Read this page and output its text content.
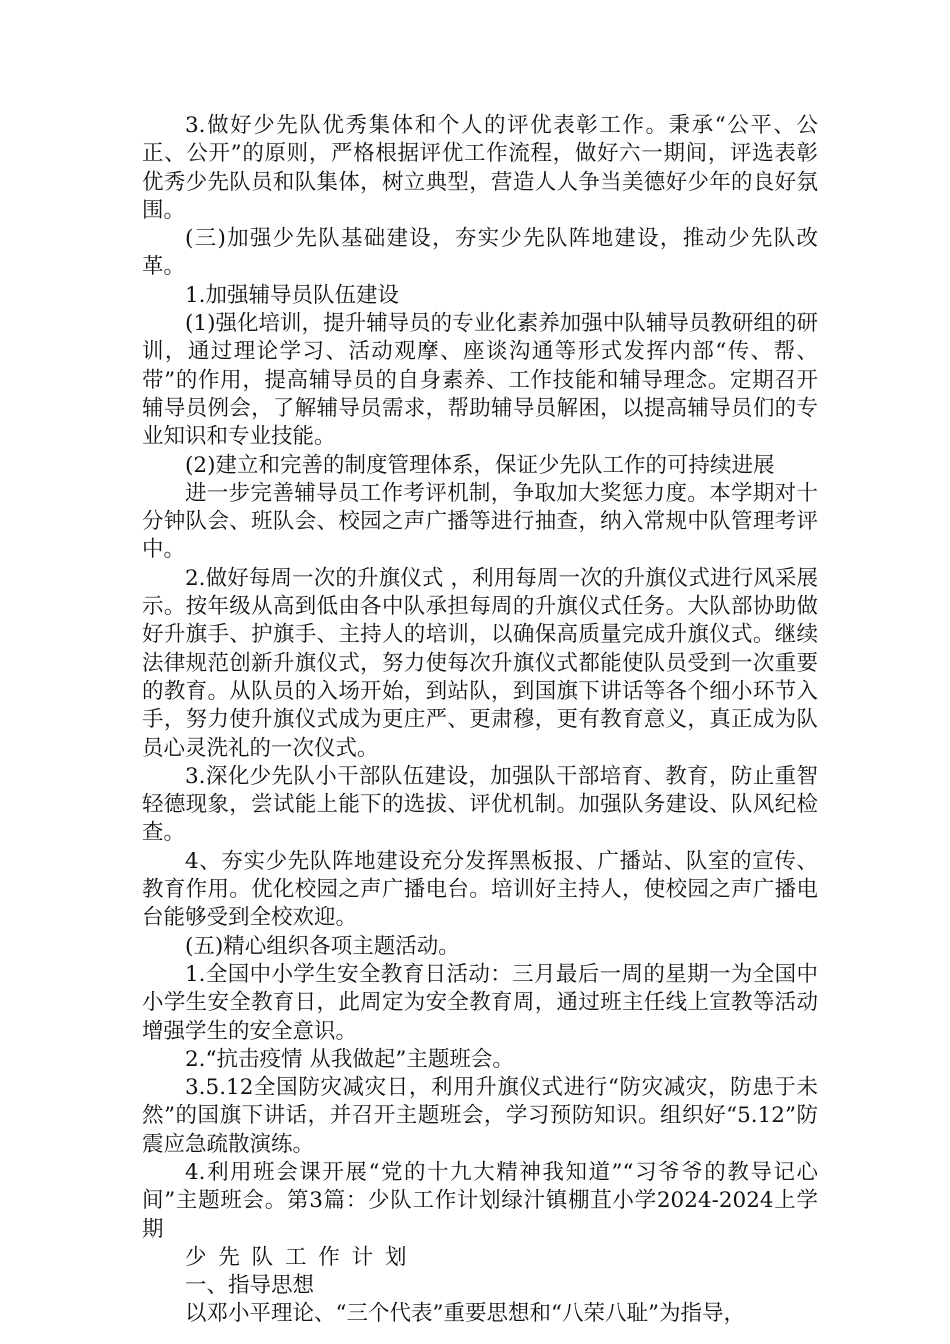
3.做好少先队优秀集体和个人的评优表彰工作。秉承“公平、公正、公开”的原则，严格根据评优工作流程，做好六一期间，评选表彰优秀少先队员和队集体，树立典型，营造人人争当美德好少年的良好氛围。

(三)加强少先队基础建设，夯实少先队阵地建设，推动少先队改革。

1.加强辅导员队伍建设

(1)强化培训，提升辅导员的专业化素养加强中队辅导员教研组的研训，通过理论学习、活动观摩、座谈沟通等形式发挥内部“传、帮、带”的作用，提高辅导员的自身素养、工作技能和辅导理念。定期召开辅导员例会，了解辅导员需求，帮助辅导员解困，以提高辅导员们的专业知识和专业技能。

(2)建立和完善的制度管理体系，保证少先队工作的可持续进展

进一步完善辅导员工作考评机制，争取加大奖惩力度。本学期对十分钟队会、班队会、校园之声广播等进行抽查，纳入常规中队管理考评中。

2.做好每周一次的升旗仪式 ，利用每周一次的升旗仪式进行风采展示。按年级从高到低由各中队承担每周的升旗仪式任务。大队部协助做好升旗手、护旗手、主持人的培训，以确保高质量完成升旗仪式。继续法律规范创新升旗仪式，努力使每次升旗仪式都能使队员受到一次重要的教育。从队员的入场开始，到站队，到国旗下讲话等各个细小环节入手，努力使升旗仪式成为更庄严、更肃穆，更有教育意义，真正成为队员心灵洗礼的一次仪式。

3.深化少先队小干部队伍建设，加强队干部培育、教育，防止重智轻德现象，尝试能上能下的选拔、评优机制。加强队务建设、队风纪检查。

4、夯实少先队阵地建设充分发挥黑板报、广播站、队室的宣传、教育作用。优化校园之声广播电台。培训好主持人，使校园之声广播电台能够受到全校欢迎。

(五)精心组织各项主题活动。

1.全国中小学生安全教育日活动：三月最后一周的星期一为全国中小学生安全教育日，此周定为安全教育周，通过班主任线上宣教等活动增强学生的安全意识。

2.“抗击疫情 从我做起”主题班会。

3.5.12全国防灾减灾日，利用升旗仪式进行“防灾减灾，防患于未然”的国旗下讲话，并召开主题班会，学习预防知识。组织好“5.12”防震应急疏散演练。

4.利用班会课开展“党的十九大精神我知道”“习爷爷的教导记心间”主题班会。第3篇：少队工作计划绿汁镇棚苴小学2024-2024上学期

少先队工作计划

一、指导思想

以邓小平理论、“三个代表”重要思想和“八荣八耻”为指导，
